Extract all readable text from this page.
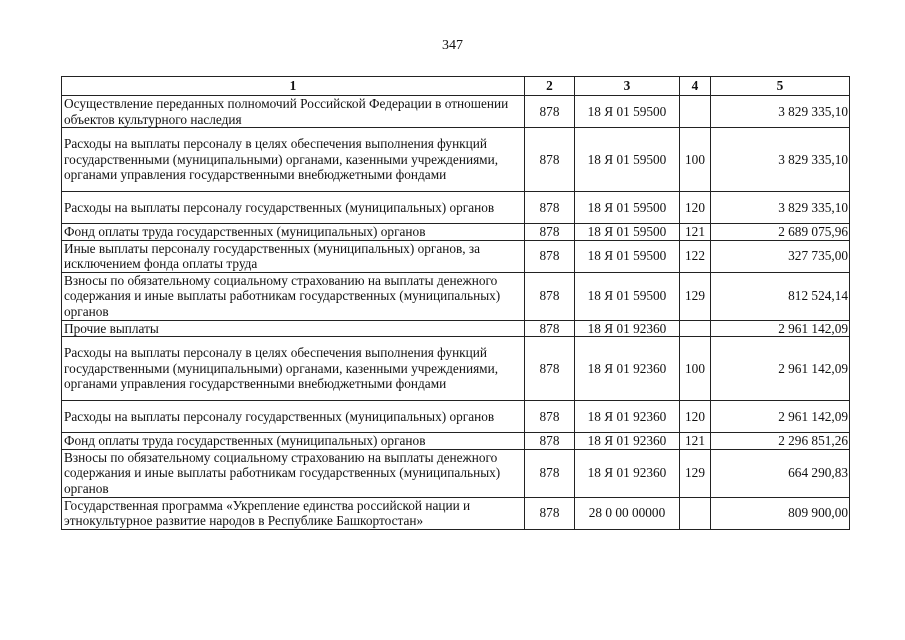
347
1	2	3	4	5
Осуществление переданных полномочий Российской Федерации в отношении объектов культурного наследия	878	18 Я 01 59500		3 829 335,10
Расходы на выплаты персоналу в целях обеспечения выполнения функций государственными (муниципальными) органами, казенными учреждениями, органами управления государственными внебюджетными фондами	878	18 Я 01 59500	100	3 829 335,10
Расходы на выплаты персоналу государственных (муниципальных) органов	878	18 Я 01 59500	120	3 829 335,10
Фонд оплаты труда государственных (муниципальных) органов	878	18 Я 01 59500	121	2 689 075,96
Иные выплаты персоналу государственных (муниципальных) органов, за исключением фонда оплаты труда	878	18 Я 01 59500	122	327 735,00
Взносы по обязательному социальному страхованию на выплаты денежного содержания и иные выплаты работникам государственных (муниципальных) органов	878	18 Я 01 59500	129	812 524,14
Прочие выплаты	878	18 Я 01 92360		2 961 142,09
Расходы на выплаты персоналу в целях обеспечения выполнения функций государственными (муниципальными) органами, казенными учреждениями, органами управления государственными внебюджетными фондами	878	18 Я 01 92360	100	2 961 142,09
Расходы на выплаты персоналу государственных (муниципальных) органов	878	18 Я 01 92360	120	2 961 142,09
Фонд оплаты труда государственных (муниципальных) органов	878	18 Я 01 92360	121	2 296 851,26
Взносы по обязательному социальному страхованию на выплаты денежного содержания и иные выплаты работникам государственных (муниципальных) органов	878	18 Я 01 92360	129	664 290,83
Государственная программа «Укрепление единства российской нации и этнокультурное развитие народов в Республике Башкортостан»	878	28 0 00 00000		809 900,00
